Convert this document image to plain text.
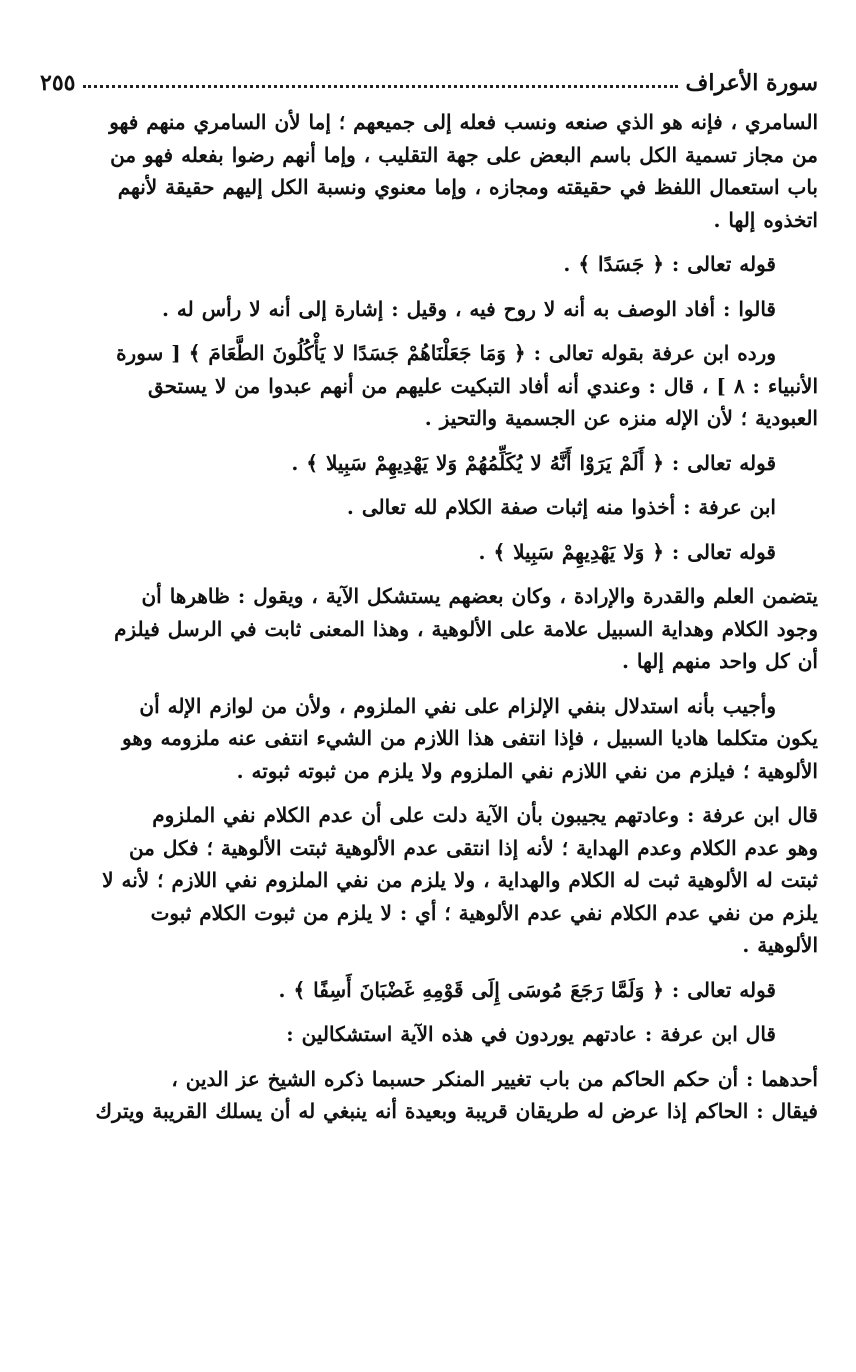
سورة الأعراف
٢٥٥
السامري ، فإنه هو الذي صنعه ونسب فعله إلى جميعهم ؛ إما لأن السامري منهم فهو
من مجاز تسمية الكل باسم البعض على جهة التقليب ، وإما أنهم رضوا بفعله فهو من
باب استعمال اللفظ في حقيقته ومجازه ، وإما معنوي ونسبة الكل إليهم حقيقة لأنهم
اتخذوه إلها .
قوله تعالى : ﴿ جَسَدًا ﴾ .
قالوا : أفاد الوصف به أنه لا روح فيه ، وقيل : إشارة إلى أنه لا رأس له .
ورده ابن عرفة بقوله تعالى : ﴿ وَمَا جَعَلْنَاهُمْ جَسَدًا لا يَأْكُلُونَ الطَّعَامَ ﴾ [ سورة
الأنبياء : ٨ ] ، قال : وعندي أنه أفاد التبكيت عليهم من أنهم عبدوا من لا يستحق
العبودية ؛ لأن الإله منزه عن الجسمية والتحيز .
قوله تعالى : ﴿ أَلَمْ يَرَوْا أَنَّهُ لا يُكَلِّمُهُمْ وَلا يَهْدِيهِمْ سَبِيلا ﴾ .
ابن عرفة : أخذوا منه إثبات صفة الكلام لله تعالى .
قوله تعالى : ﴿ وَلا يَهْدِيهِمْ سَبِيلا ﴾ .
يتضمن العلم والقدرة والإرادة ، وكان بعضهم يستشكل الآية ، ويقول : ظاهرها أن
وجود الكلام وهداية السبيل علامة على الألوهية ، وهذا المعنى ثابت في الرسل فيلزم
أن كل واحد منهم إلها .
وأجيب بأنه استدلال بنفي الإلزام على نفي الملزوم ، ولأن من لوازم الإله أن
يكون متكلما هاديا السبيل ، فإذا انتفى هذا اللازم من الشيء انتفى عنه ملزومه وهو
الألوهية ؛ فيلزم من نفي اللازم نفي الملزوم ولا يلزم من ثبوته ثبوته .
قال ابن عرفة : وعادتهم يجيبون بأن الآية دلت على أن عدم الكلام نفي الملزوم
وهو عدم الكلام وعدم الهداية ؛ لأنه إذا انتقى عدم الألوهية ثبتت الألوهية ؛ فكل من
ثبتت له الألوهية ثبت له الكلام والهداية ، ولا يلزم من نفي الملزوم نفي اللازم ؛ لأنه لا
يلزم من نفي عدم الكلام نفي عدم الألوهية ؛ أي : لا يلزم من ثبوت الكلام ثبوت
الألوهية .
قوله تعالى : ﴿ وَلَمَّا رَجَعَ مُوسَى إِلَى قَوْمِهِ غَضْبَانَ أَسِفًا ﴾ .
قال ابن عرفة : عادتهم يوردون في هذه الآية استشكالين :
أحدهما : أن حكم الحاكم من باب تغيير المنكر حسبما ذكره الشيخ عز الدين ،
فيقال : الحاكم إذا عرض له طريقان قريبة وبعيدة أنه ينبغي له أن يسلك القريبة ويترك
